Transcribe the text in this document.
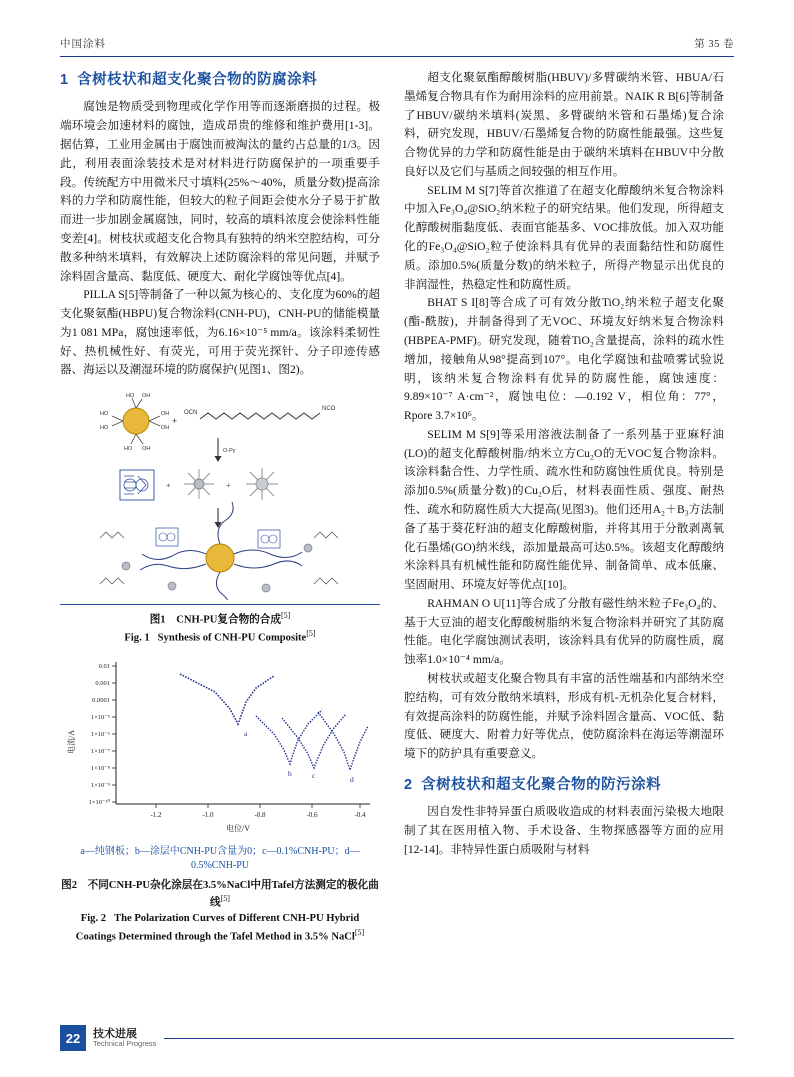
中国涂料	第 35 卷
1 含树枝状和超支化聚合物的防腐涂料

腐蚀是物质受到物理或化学作用等而逐渐磨损的过程。极端环境会加速材料的腐蚀，造成昂贵的维修和维护费用[1-3]。据估算，工业用金属由于腐蚀而被淘汰的量约占总量的1/3。因此，利用表面涂装技术是对材料进行防腐保护的一项重要手段。传统配方中用微米尺寸填料(25%～40%，质量分数)提高涂料的力学和防腐性能，但较大的粒子间距会使水分子易于扩散而进一步加剧金属腐蚀，同时，较高的填料浓度会使涂料性能变差[4]。树枝状或超支化合物具有独特的纳米空腔结构，可分散多种纳米填料，有效解决上述防腐涂料的常见问题，并赋予涂料固含量高、黏度低、硬度大、耐化学腐蚀等优点[4]。

PILLA S[5]等制备了一种以氮为核心的、支化度为60%的超支化聚氨酯(HBPU)复合物涂料(CNH-PU)，CNH-PU的储能模量为1 081 MPa，腐蚀速率低，为6.16×10⁻⁵ mm/a。该涂料柔韧性好、热机械性好、有荧光，可用于荧光探针、分子印迹传感器、海运以及潮湿环境的防腐保护(见图1、图2)。

HO OH
HO
HO
OH
OH
HO OH
+
OCN
NCO
O-Py
+	+
图1 CNH-PU复合物的合成[5]
Fig. 1 Synthesis of CNH-PU Composite[5]
0.01
0.001
0.0001
1×10⁻⁵
1×10⁻⁶
1×10⁻⁷
1×10⁻⁸
1×10⁻⁹
1×10⁻¹⁰
-1.2	-1.0	-0.8	-0.6	-0.4
电位/V
电流/A	a
b	c	d
a—纯钢板；b—涂层中CNH-PU含量为0；c—0.1%CNH-PU；d—0.5%CNH-PU
图2 不同CNH-PU杂化涂层在3.5%NaCl中用Tafel方法测定的极化曲线[5]
Fig. 2 The Polarization Curves of Different CNH-PU Hybrid Coatings Determined through the Tafel Method in 3.5% NaCl[5]

超支化聚氨酯醇酸树脂(HBUV)/多臂碳纳米管、HBUA/石墨烯复合物具有作为耐用涂料的应用前景。NAIK R B[6]等制备了HBUV/碳纳米填料(炭黑、多臂碳纳米管和石墨烯)复合涂料，研究发现，HBUV/石墨烯复合物的防腐性能最强。这些复合物优异的力学和防腐性能是由于碳纳米填料在HBUV中分散良好以及它们与基质之间较强的相互作用。

SELIM M S[7]等首次推道了在超支化醇酸纳米复合物涂料中加入Fe₃O₄@SiO₂纳米粒子的研究结果。他们发现，所得超支化醇酸树脂黏度低、表面官能基多、VOC排放低。加入双功能化的Fe₃O₄@SiO₂粒子使涂料具有优异的表面黏结性和防腐性质。添加0.5%(质量分数)的纳米粒子，所得产物显示出优良的非润湿性，热稳定性和防腐性质。

BHAT S I[8]等合成了可有效分散TiO₂纳米粒子超支化聚(酯-酰胺)，并制备得到了无VOC、环境友好纳米复合物涂料(HBPEA-PMF)。研究发现，随着TiO₂含量提高，涂料的疏水性增加，接触角从98°提高到107°。电化学腐蚀和盐喷雾试验说明，该纳米复合物涂料有优异的防腐性能，腐蚀速度：9.89×10⁻⁷ A·cm⁻²，腐蚀电位：—0.192 V，相位角：77°，Rpore 3.7×10⁶。

SELIM M S[9]等采用溶液法制备了一系列基于亚麻籽油(LO)的超支化醇酸树脂/纳米立方Cu₂O的无VOC复合物涂料。该涂料黏合性、力学性质、疏水性和防腐蚀性质优良。特别是添加0.5%(质量分数)的Cu₂O后，材料表面性质、强度、耐热性、疏水和防腐性质大大提高(见图3)。他们还用A₂＋B₃方法制备了基于葵花籽油的超支化醇酸树脂，并将其用于分散剥离氧化石墨烯(GO)纳米线，添加量最高可达0.5%。该超支化醇酸纳米涂料具有机械性能和防腐性能优异、制备简单、成本低廉、坚固耐用、环境友好等优点[10]。

RAHMAN O U[11]等合成了分散有磁性纳米粒子Fe₃O₄的、基于大豆油的超支化醇酸树脂纳米复合物涂料并研究了其防腐性能。电化学腐蚀测试表明，该涂料具有优异的防腐性质，腐蚀率1.0×10⁻⁴ mm/a。

树枝状或超支化聚合物具有丰富的活性端基和内部纳米空腔结构，可有效分散纳米填料，形成有机-无机杂化复合材料，有效提高涂料的防腐性能，并赋予涂料固含量高、VOC低、黏度低、硬度大、附着力好等优点，使防腐涂料在海运等潮湿环境下的防护具有重要意义。

2 含树枝状和超支化聚合物的防污涂料

因自发性非特异蛋白质吸收造成的材料表面污染极大地限制了其在医用植入物、手术设备、生物探感器等方面的应用[12-14]。非特异性蛋白质吸附与材料

22	技术进展
Technical Progress
